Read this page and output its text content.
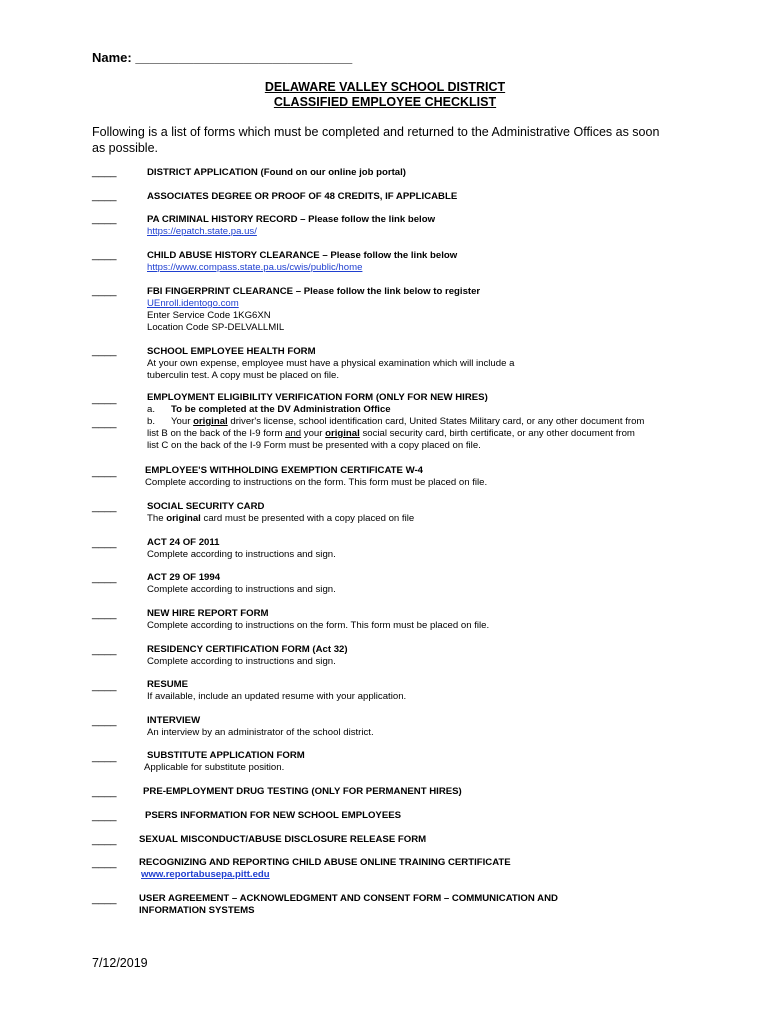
Name: ______________________________
DELAWARE VALLEY SCHOOL DISTRICT
CLASSIFIED EMPLOYEE CHECKLIST
Following is a list of forms which must be completed and returned to the Administrative Offices as soon
as possible.
____	DISTRICT APPLICATION (Found on our online job portal)
____	ASSOCIATES DEGREE OR PROOF OF 48 CREDITS, IF APPLICABLE
____	PA CRIMINAL HISTORY RECORD – Please follow the link below
https://epatch.state.pa.us/
____	CHILD ABUSE HISTORY CLEARANCE – Please follow the link below
https://www.compass.state.pa.us/cwis/public/home
____	FBI FINGERPRINT CLEARANCE – Please follow the link below to register
UEnroll.identogo.com
Enter Service Code 1KG6XN
Location Code SP-DELVALLMIL
____	SCHOOL EMPLOYEE HEALTH FORM
At your own expense, employee must have a physical examination which will include a
tuberculin test. A copy must be placed on file.
____
____
EMPLOYMENT ELIGIBILITY VERIFICATION FORM (ONLY FOR NEW HIRES)
a. To be completed at the DV Administration Office
b. Your original driver's license, school identification card, United States Military card, or any other document from
list B on the back of the I-9 form and your original social security card, birth certificate, or any other document from
list C on the back of the I-9 Form must be presented with a copy placed on file.
____	EMPLOYEE'S WITHHOLDING EXEMPTION CERTIFICATE W-4
Complete according to instructions on the form. This form must be placed on file.
____	SOCIAL SECURITY CARD
The original card must be presented with a copy placed on file
____	ACT 24 OF 2011
Complete according to instructions and sign.
____	ACT 29 OF 1994
Complete according to instructions and sign.
____	NEW HIRE REPORT FORM
Complete according to instructions on the form. This form must be placed on file.
____	RESIDENCY CERTIFICATION FORM (Act 32)
Complete according to instructions and sign.
____	RESUME
If available, include an updated resume with your application.
____	INTERVIEW
An interview by an administrator of the school district.
____	SUBSTITUTE APPLICATION FORM
Applicable for substitute position.
____	PRE-EMPLOYMENT DRUG TESTING (ONLY FOR PERMANENT HIRES)
____	PSERS INFORMATION FOR NEW SCHOOL EMPLOYEES
____ SEXUAL MISCONDUCT/ABUSE DISCLOSURE RELEASE FORM
____ RECOGNIZING AND REPORTING CHILD ABUSE ONLINE TRAINING CERTIFICATE
www.reportabusepa.pitt.edu
____ USER AGREEMENT – ACKNOWLEDGMENT AND CONSENT FORM – COMMUNICATION AND
INFORMATION SYSTEMS
7/12/2019
